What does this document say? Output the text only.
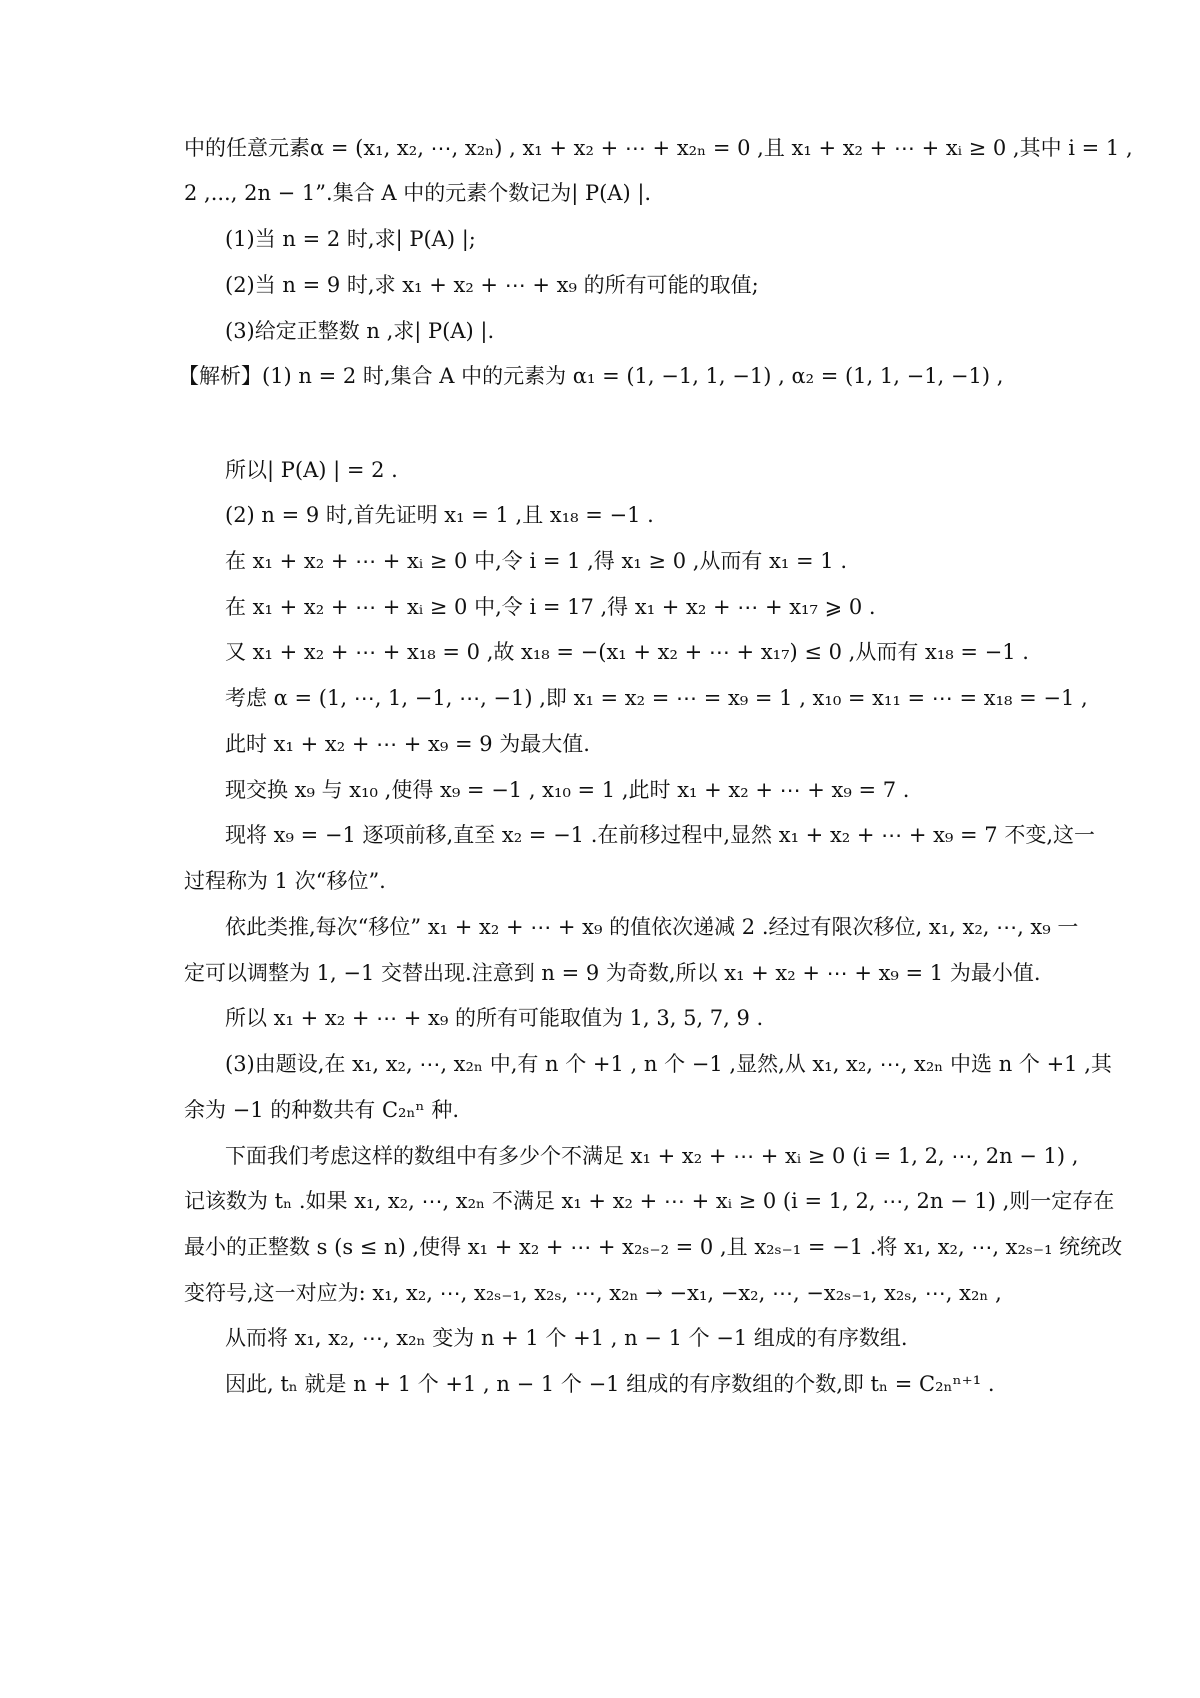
中的任意元素α = (x₁, x₂, ⋯, x₂ₙ) , x₁ + x₂ + ⋯ + x₂ₙ = 0 ,且 x₁ + x₂ + ⋯ + xᵢ ≥ 0 ,其中 i = 1 ,
2 ,..., 2n − 1”.集合 A 中的元素个数记为| P(A) |.
(1)当 n = 2 时,求| P(A) |;
(2)当 n = 9 时,求 x₁ + x₂ + ⋯ + x₉ 的所有可能的取值;
(3)给定正整数 n ,求| P(A) |.
【解析】(1) n = 2 时,集合 A 中的元素为 α₁ = (1, −1, 1, −1) , α₂ = (1, 1, −1, −1) ,
所以| P(A) | = 2 .
(2) n = 9 时,首先证明 x₁ = 1 ,且 x₁₈ = −1 .
在 x₁ + x₂ + ⋯ + xᵢ ≥ 0 中,令 i = 1 ,得 x₁ ≥ 0 ,从而有 x₁ = 1 .
在 x₁ + x₂ + ⋯ + xᵢ ≥ 0 中,令 i = 17 ,得 x₁ + x₂ + ⋯ + x₁₇ ⩾ 0 .
又 x₁ + x₂ + ⋯ + x₁₈ = 0 ,故 x₁₈ = −(x₁ + x₂ + ⋯ + x₁₇) ≤ 0 ,从而有 x₁₈ = −1 .
考虑 α = (1, ⋯, 1, −1, ⋯, −1) ,即 x₁ = x₂ = ⋯ = x₉ = 1 , x₁₀ = x₁₁ = ⋯ = x₁₈ = −1 ,
此时 x₁ + x₂ + ⋯ + x₉ = 9 为最大值.
现交换 x₉ 与 x₁₀ ,使得 x₉ = −1 , x₁₀ = 1 ,此时 x₁ + x₂ + ⋯ + x₉ = 7 .
现将 x₉ = −1 逐项前移,直至 x₂ = −1 .在前移过程中,显然 x₁ + x₂ + ⋯ + x₉ = 7 不变,这一
过程称为 1 次“移位”.
依此类推,每次“移位” x₁ + x₂ + ⋯ + x₉ 的值依次递减 2 .经过有限次移位, x₁, x₂, ⋯, x₉ 一
定可以调整为 1, −1 交替出现.注意到 n = 9 为奇数,所以 x₁ + x₂ + ⋯ + x₉ = 1 为最小值.
所以 x₁ + x₂ + ⋯ + x₉ 的所有可能取值为 1, 3, 5, 7, 9 .
(3)由题设,在 x₁, x₂, ⋯, x₂ₙ 中,有 n 个 +1 , n 个 −1 ,显然,从 x₁, x₂, ⋯, x₂ₙ 中选 n 个 +1 ,其
余为 −1 的种数共有 C₂ₙⁿ 种.
下面我们考虑这样的数组中有多少个不满足 x₁ + x₂ + ⋯ + xᵢ ≥ 0 (i = 1, 2, ⋯, 2n − 1) ,
记该数为 tₙ .如果 x₁, x₂, ⋯, x₂ₙ 不满足 x₁ + x₂ + ⋯ + xᵢ ≥ 0 (i = 1, 2, ⋯, 2n − 1) ,则一定存在
最小的正整数 s (s ≤ n) ,使得 x₁ + x₂ + ⋯ + x₂ₛ₋₂ = 0 ,且 x₂ₛ₋₁ = −1 .将 x₁, x₂, ⋯, x₂ₛ₋₁ 统统改
变符号,这一对应为: x₁, x₂, ⋯, x₂ₛ₋₁, x₂ₛ, ⋯, x₂ₙ → −x₁, −x₂, ⋯, −x₂ₛ₋₁, x₂ₛ, ⋯, x₂ₙ ,
从而将 x₁, x₂, ⋯, x₂ₙ 变为 n + 1 个 +1 , n − 1 个 −1 组成的有序数组.
因此, tₙ 就是 n + 1 个 +1 , n − 1 个 −1 组成的有序数组的个数,即 tₙ = C₂ₙⁿ⁺¹ .
